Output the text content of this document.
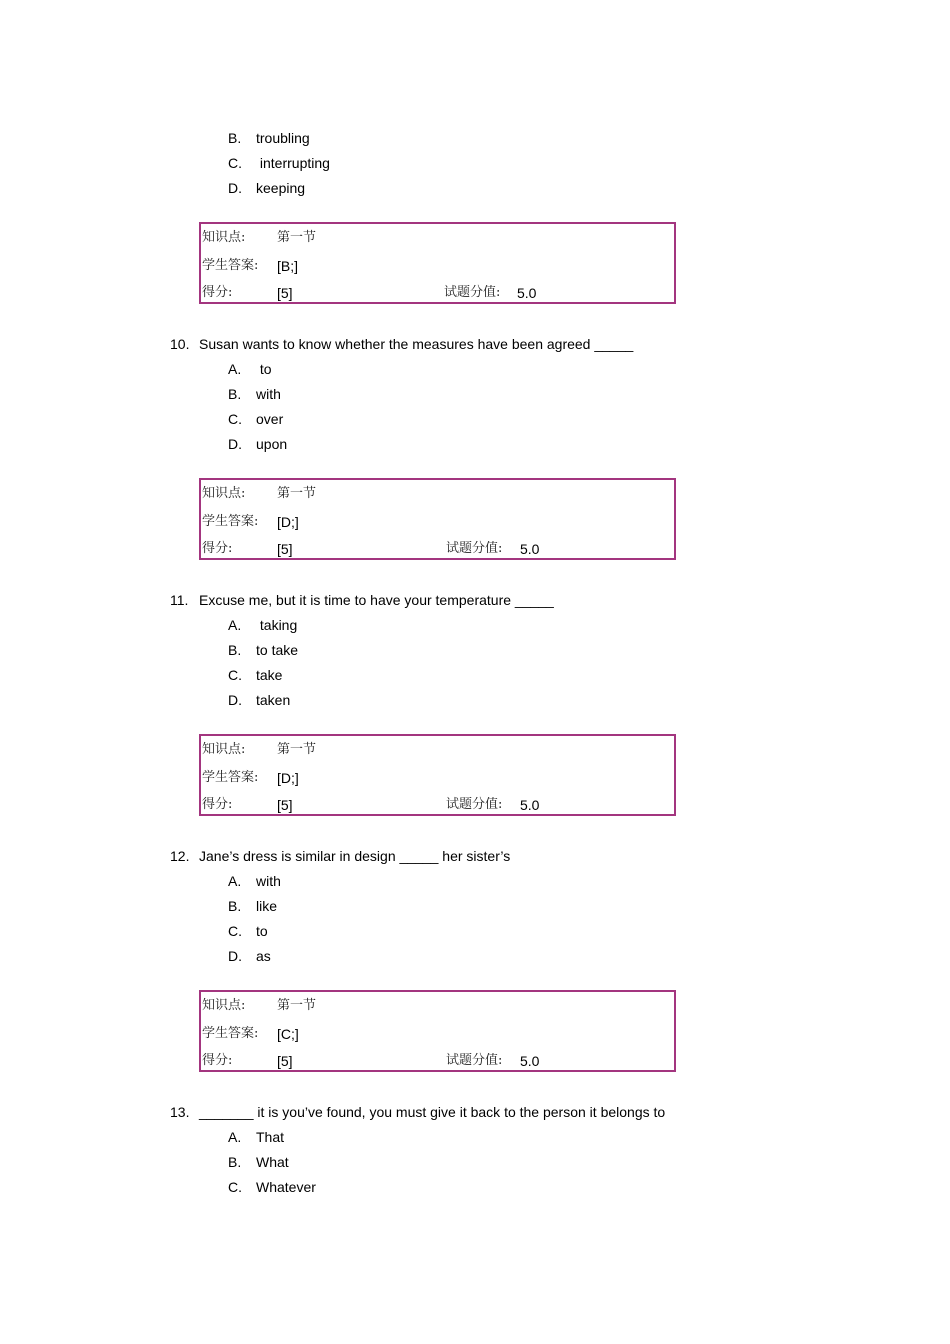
B. troubling
C. interrupting
D. keeping
知识点: 第一节
学生答案: [B;]
得分:	[5]	试题分值: 5.0
10. Susan wants to know whether the measures have been agreed _____
A. to
B. with
C. over
D. upon
知识点: 第一节
学生答案: [D;]
得分:	[5]	试题分值: 5.0
11. Excuse me, but it is time to have your temperature _____
A. taking
B. to take
C. take
D. taken
知识点: 第一节
学生答案: [D;]
得分:	[5]	试题分值: 5.0
12. Jane’s dress is similar in design _____ her sister’s
A. with
B. like
C. to
D. as
知识点: 第一节
学生答案: [C;]
得分:	[5]	试题分值: 5.0
13. _______ it is you’ve found, you must give it back to the person it belongs to
A. That
B. What
C. Whatever
